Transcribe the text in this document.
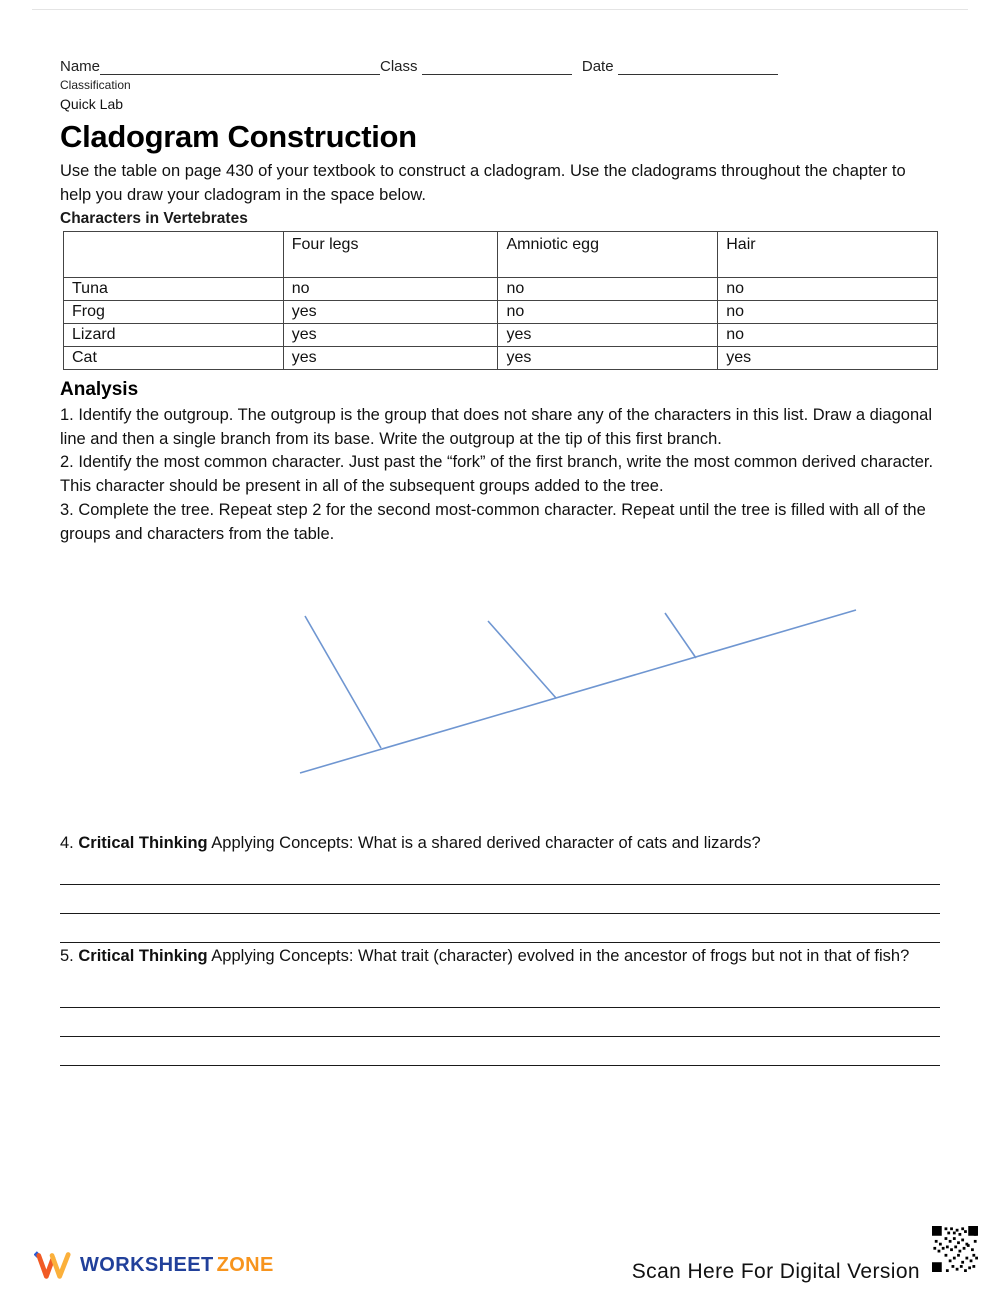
Name	Class	Date
Classification
Quick Lab
Cladogram Construction

Use the table on page 430 of your textbook to construct a cladogram. Use the cladograms throughout the chapter to help you draw your cladogram in the space below.

Characters in Vertebrates

	Four legs	Amniotic egg	Hair
Tuna	no	no	no
Frog	yes	no	no
Lizard	yes	yes	no
Cat	yes	yes	yes
Analysis

1. Identify the outgroup. The outgroup is the group that does not share any of the characters in this list. Draw a diagonal line and then a single branch from its base. Write the outgroup at the tip of this first branch.

2. Identify the most common character. Just past the “fork” of the first branch, write the most common derived character. This character should be present in all of the subsequent groups added to the tree.

3. Complete the tree. Repeat step 2 for the second most-common character. Repeat until the tree is filled with all of the groups and characters from the table.

4. Critical Thinking Applying Concepts: What is a shared derived character of cats and lizards?

5. Critical Thinking Applying Concepts: What trait (character) evolved in the ancestor of frogs but not in that of fish?

WORKSHEET ZONE	Scan Here For Digital Version
